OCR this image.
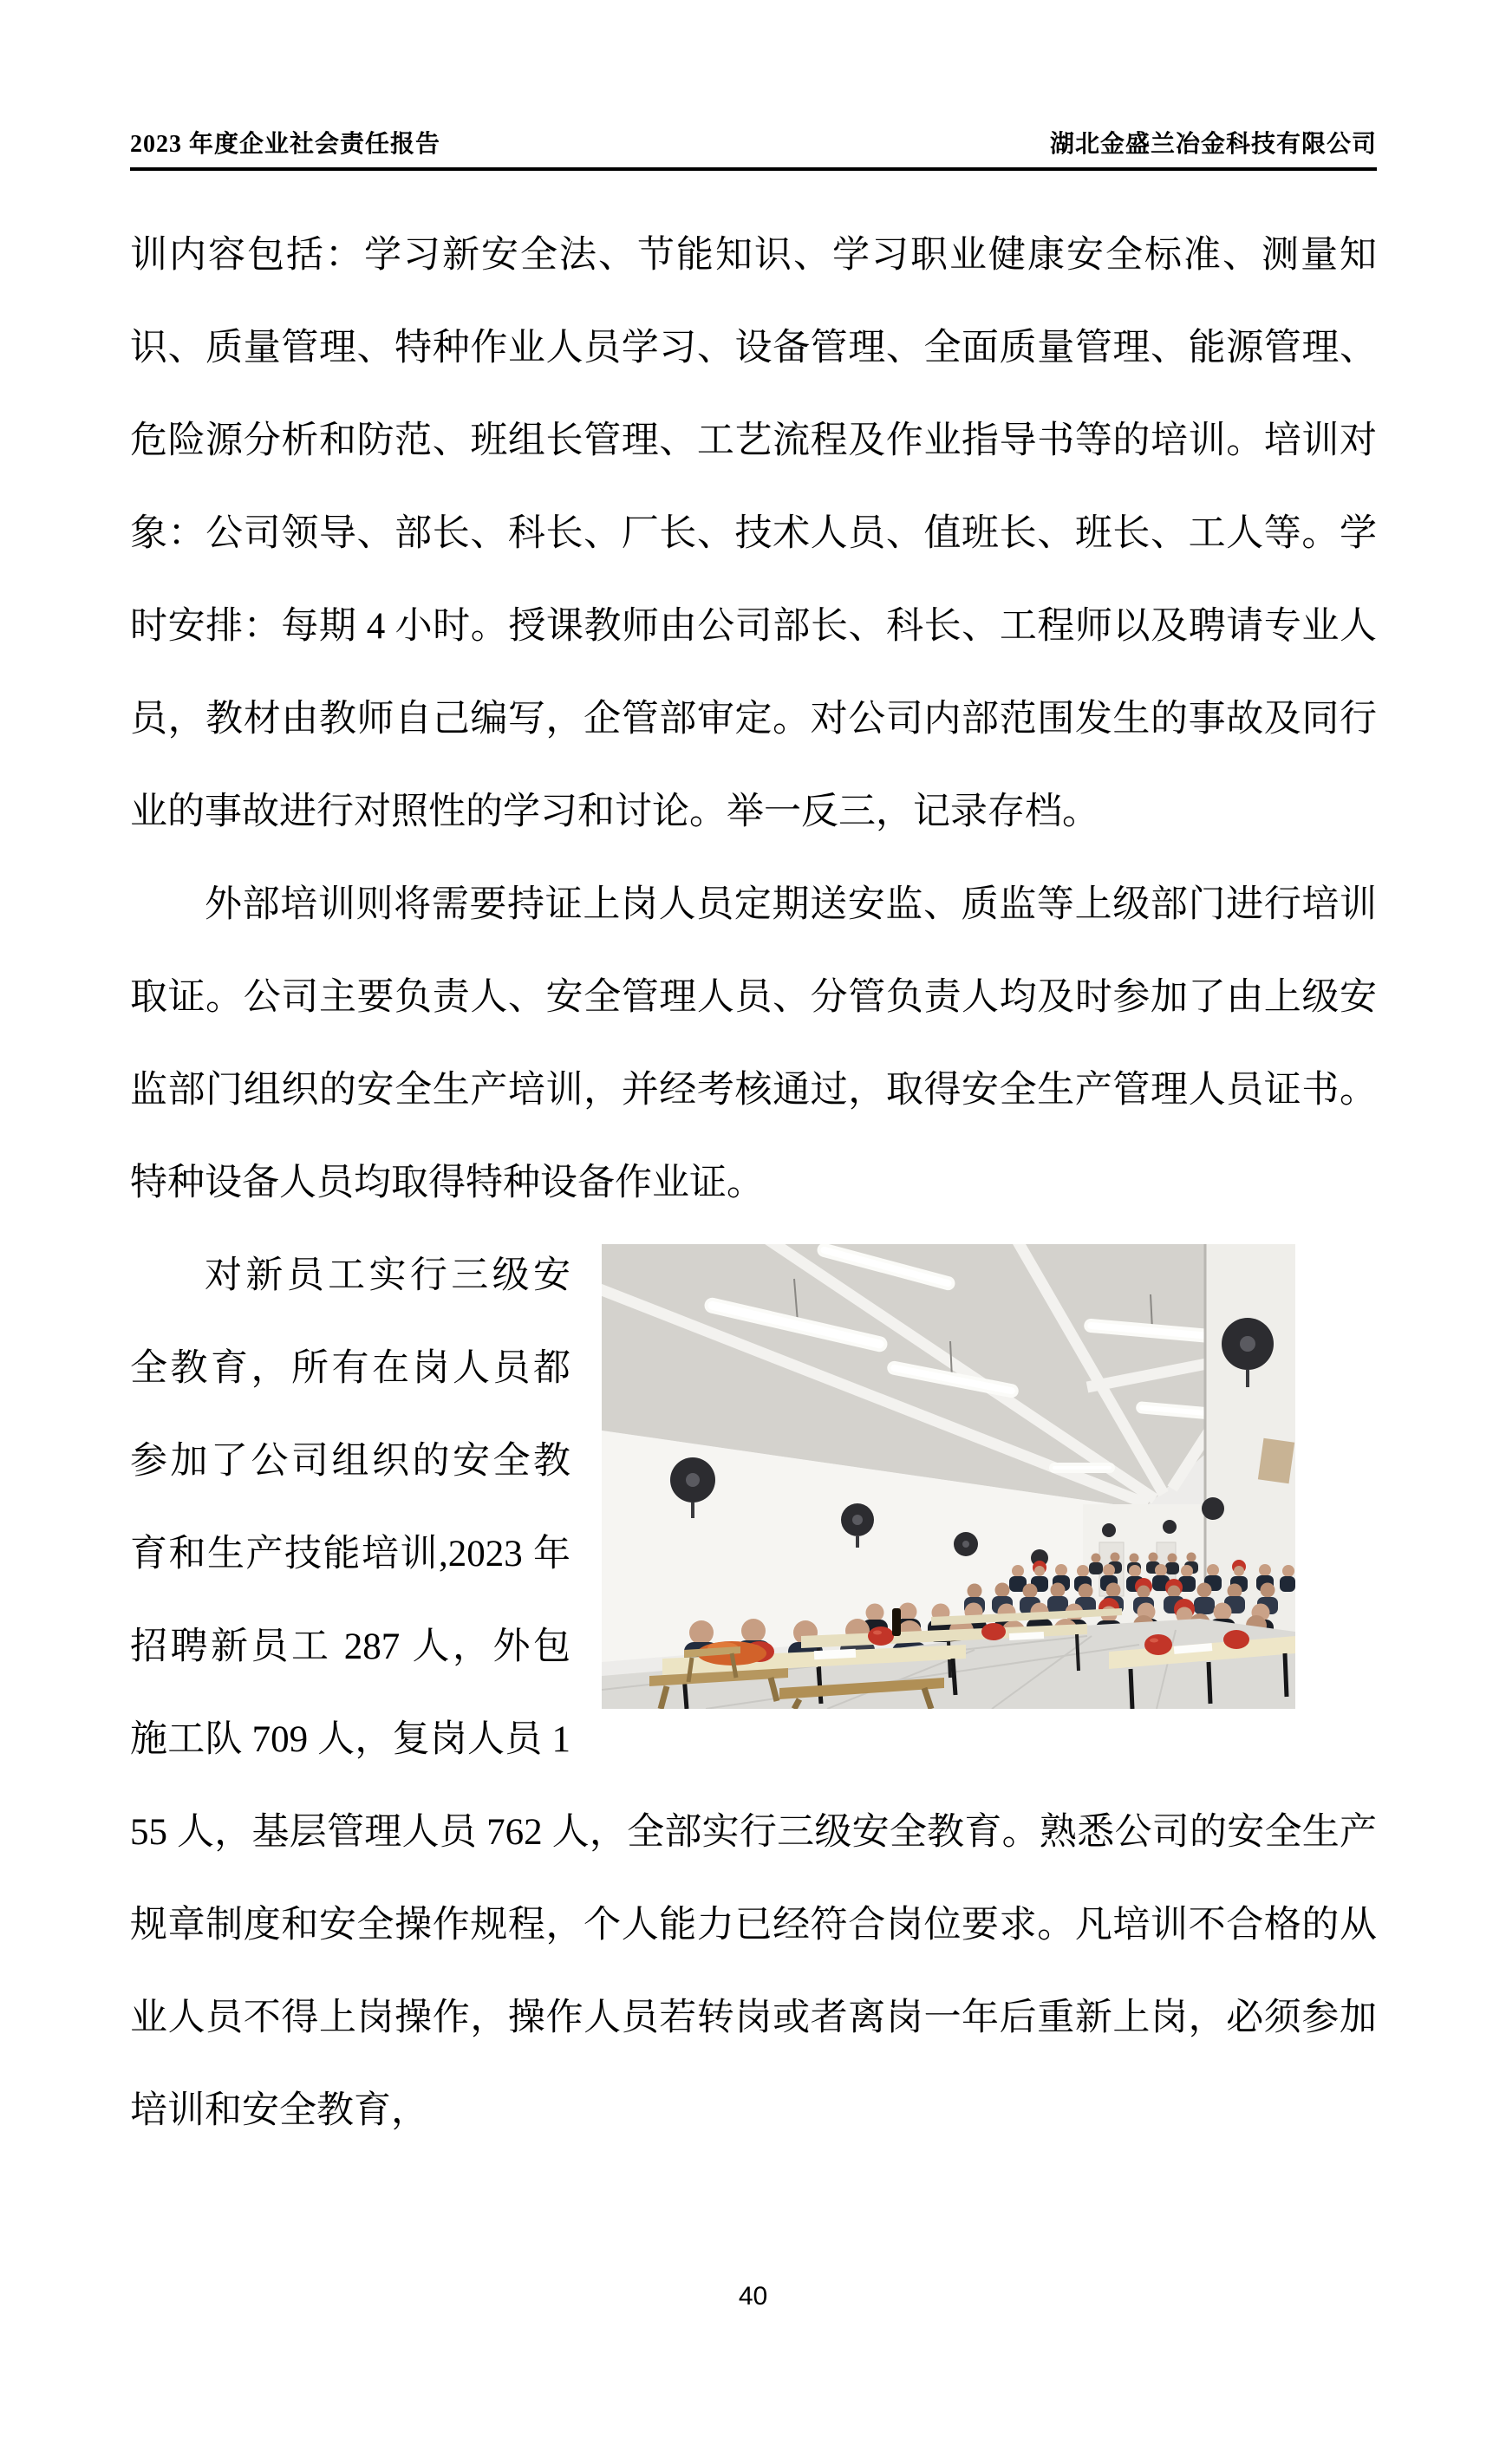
2023 年度企业社会责任报告	湖北金盛兰冶金科技有限公司

训内容包括：学习新安全法、节能知识、学习职业健康安全标准、测量知识、质量管理、特种作业人员学习、设备管理、全面质量管理、能源管理、危险源分析和防范、班组长管理、工艺流程及作业指导书等的培训。培训对象：公司领导、部长、科长、厂长、技术人员、值班长、班长、工人等。学时安排：每期 4 小时。授课教师由公司部长、科长、工程师以及聘请专业人员，教材由教师自己编写，企管部审定。对公司内部范围发生的事故及同行业的事故进行对照性的学习和讨论。举一反三，记录存档。

外部培训则将需要持证上岗人员定期送安监、质监等上级部门进行培训取证。公司主要负责人、安全管理人员、分管负责人均及时参加了由上级安监部门组织的安全生产培训，并经考核通过，取得安全生产管理人员证书。特种设备人员均取得特种设备作业证。

对新员工实行三级安全教育，所有在岗人员都参加了公司组织的安全教育和生产技能培训,2023 年招聘新员工 287 人，外包施工队 709 人，复岗人员 155 人，基层管理人员 762 人，全部实行三级安全教育。熟悉公司的安全生产规章制度和安全操作规程，个人能力已经符合岗位要求。凡培训不合格的从业人员不得上岗操作，操作人员若转岗或者离岗一年后重新上岗，必须参加培训和安全教育，

40
